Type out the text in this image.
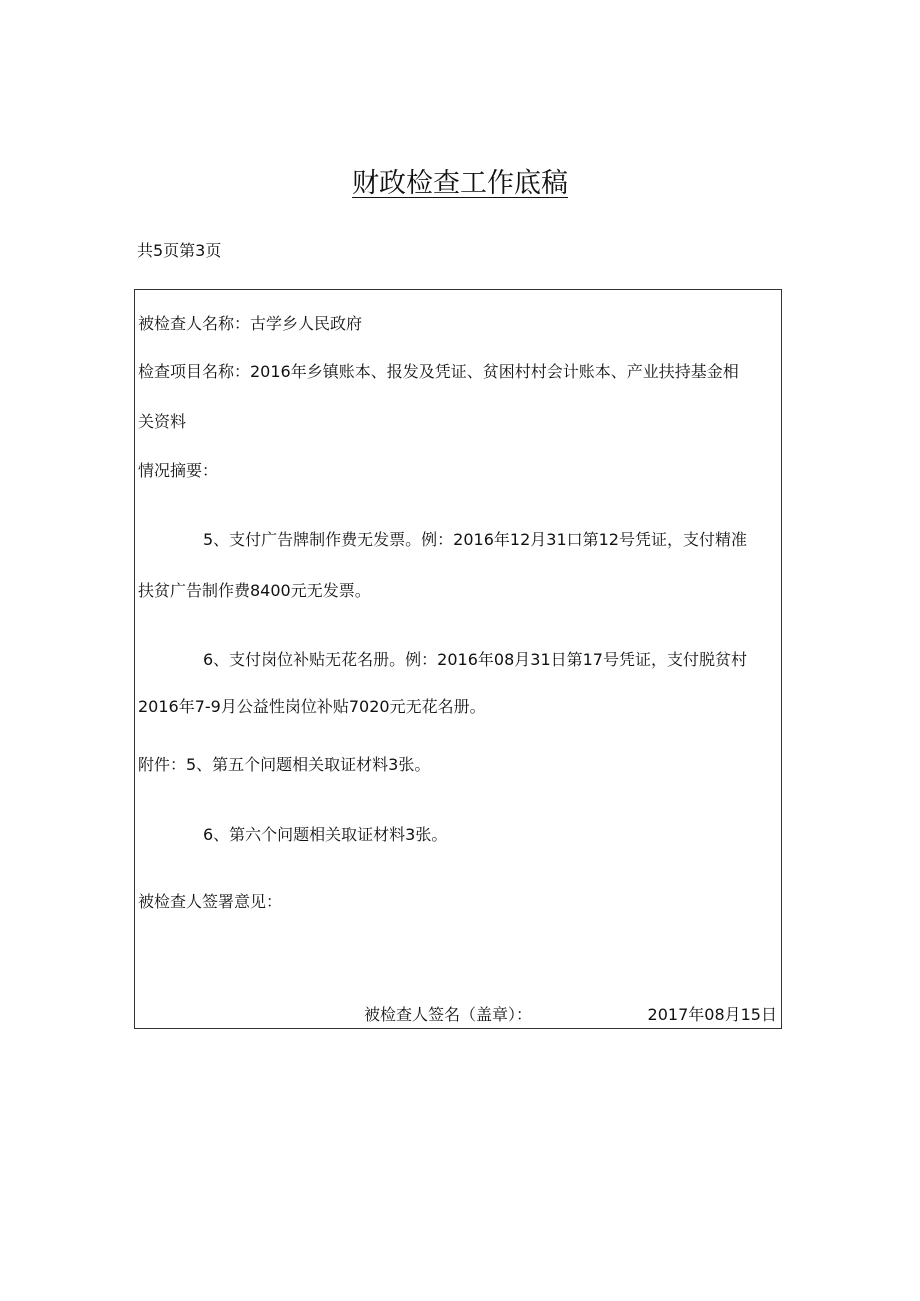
财政检查工作底稿
共5页第3页
被检查人名称：古学乡人民政府
检查项目名称：2016年乡镇账本、报发及凭证、贫困村村会计账本、产业扶持基金相
关资料
情况摘要：
5、支付广告牌制作费无发票。例：2016年12月31口第12号凭证，支付精准
扶贫广告制作费8400元无发票。
6、支付岗位补贴无花名册。例：2016年08月31日第17号凭证，支付脱贫村
2016年7-9月公益性岗位补贴7020元无花名册。
附件：5、第五个问题相关取证材料3张。
6、第六个问题相关取证材料3张。
被检查人签署意见：
被检查人签名（盖章）：	2017年08月15日
